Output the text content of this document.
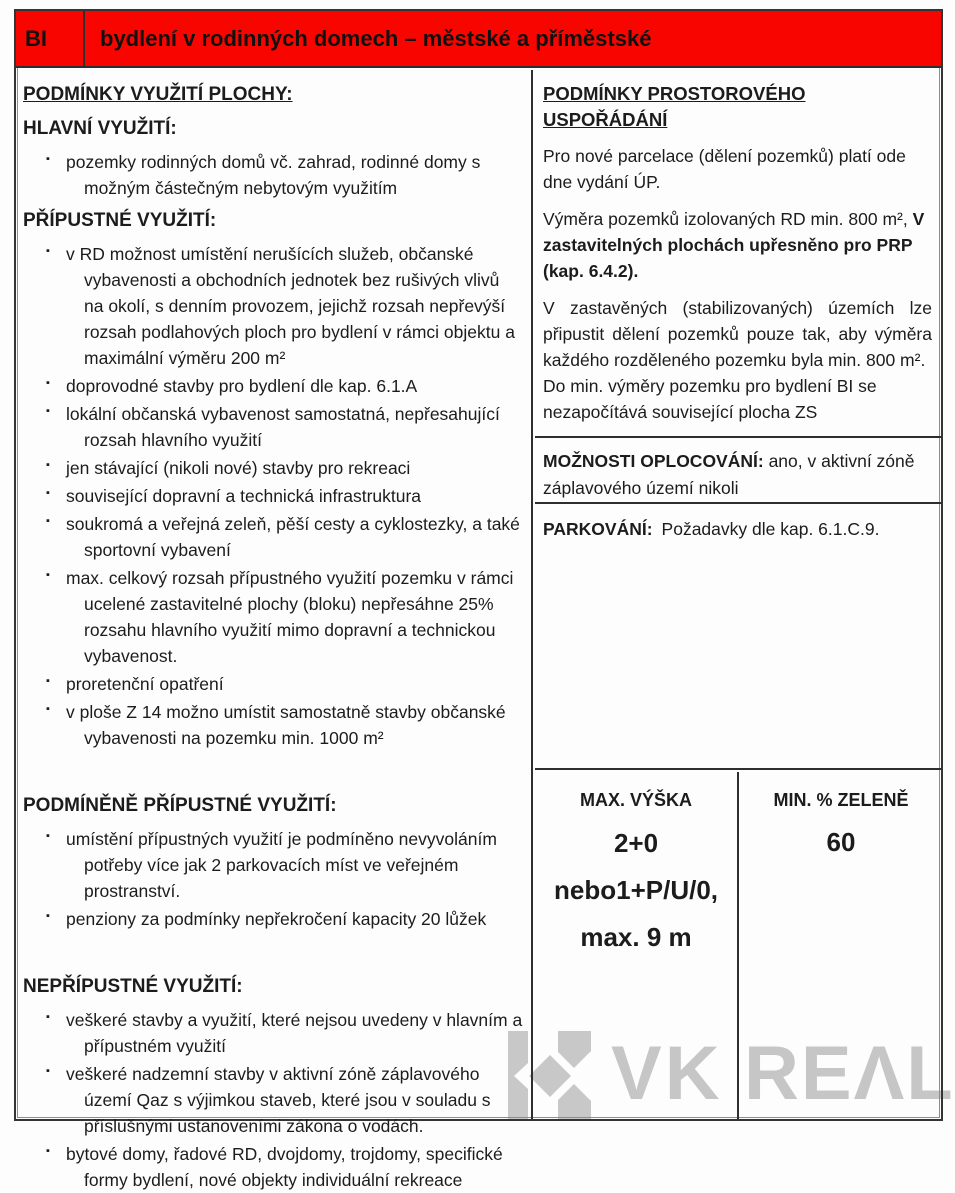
BI	bydlení v rodinných domech – městské a příměstské
PODMÍNKY VYUŽITÍ PLOCHY:
HLAVNÍ VYUŽITÍ:
▪ pozemky rodinných domů vč. zahrad, rodinné domy s možným částečným nebytovým využitím
PŘÍPUSTNÉ VYUŽITÍ:
▪ v RD možnost umístění nerušících služeb, občanské vybavenosti a obchodních jednotek bez rušivých vlivů na okolí, s denním provozem, jejichž rozsah nepřevýší rozsah podlahových ploch pro bydlení v rámci objektu a maximální výměru 200 m²
▪ doprovodné stavby pro bydlení dle kap. 6.1.A
▪ lokální občanská vybavenost samostatná, nepřesahující rozsah hlavního využití
▪ jen stávající (nikoli nové) stavby pro rekreaci
▪ související dopravní a technická infrastruktura
▪ soukromá a veřejná zeleň, pěší cesty a cyklostezky, a také sportovní vybavení
▪ max. celkový rozsah přípustného využití pozemku v rámci ucelené zastavitelné plochy (bloku) nepřesáhne 25% rozsahu hlavního využití mimo dopravní a technickou vybavenost.
▪ proretenční opatření
▪ v ploše Z 14 možno umístit samostatně stavby občanské vybavenosti na pozemku min. 1000 m²
PODMÍNĚNĚ PŘÍPUSTNÉ VYUŽITÍ:
▪ umístění přípustných využití je podmíněno nevyvoláním potřeby více jak 2 parkovacích míst ve veřejném prostranství.
▪ penziony za podmínky nepřekročení kapacity 20 lůžek
NEPŘÍPUSTNÉ VYUŽITÍ:
▪ veškeré stavby a využití, které nejsou uvedeny v hlavním a přípustném využití
▪ veškeré nadzemní stavby v aktivní zóně záplavového území Qaz s výjimkou staveb, které jsou v souladu s příslušnými ustanoveními zákona o vodách.
▪ bytové domy, řadové RD, dvojdomy, trojdomy, specifické formy bydlení, nové objekty individuální rekreace
PODMÍNKY PROSTOROVÉHO USPOŘÁDÁNÍ

Pro nové parcelace (dělení pozemků) platí ode dne vydání ÚP.

Výměra pozemků izolovaných RD min. 800 m², V zastavitelných plochách upřesněno pro PRP (kap. 6.4.2).

V zastavěných (stabilizovaných) územích lze připustit dělení pozemků pouze tak, aby výměra každého rozděleného pozemku byla min. 800 m².

Do min. výměry pozemku pro bydlení BI se nezapočítává související plocha ZS

MOŽNOSTI OPLOCOVÁNÍ: ano, v aktivní zóně záplavového území nikoli
PARKOVÁNÍ: Požadavky dle kap. 6.1.C.9.
MAX. VÝŠKA
2+0
nebo1+P/U/0,
max. 9 m
MIN. % ZELENĚ
60
VK REΛL
